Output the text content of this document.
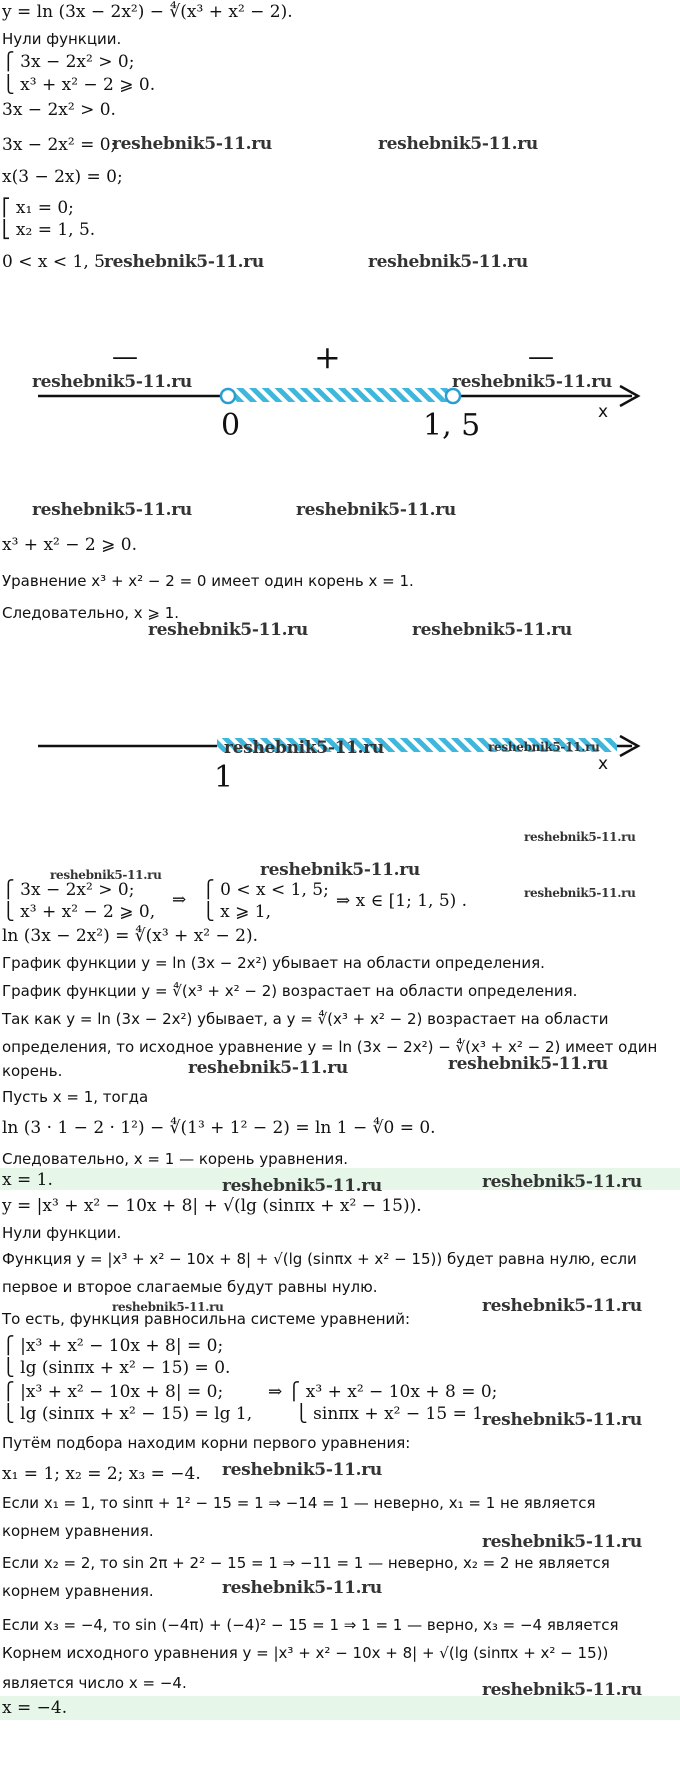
y = ln (3x − 2x²) − ∜(x³ + x² − 2).
Нули функции.
⎧ 3x − 2x² > 0;
⎩ x³ + x² − 2 ⩾ 0.
3x − 2x² > 0.
3x − 2x² = 0;
x(3 − 2x) = 0;
⎡ x₁ = 0;
⎣ x₂ = 1, 5.
0 < x < 1, 5.
—	+	—
0	1, 5	x
x³ + x² − 2 ⩾ 0.
Уравнение x³ + x² − 2 = 0 имеет один корень x = 1.
Следовательно, x ⩾ 1.
1	x
⎧ 3x − 2x² > 0;
⎩ x³ + x² − 2 ⩾ 0,
⇒ ⎧ 0 < x < 1, 5;
⎩ x ⩾ 1,
⇒ x ∈ [1; 1, 5) .
ln (3x − 2x²) = ∜(x³ + x² − 2).
График функции y = ln (3x − 2x²) убывает на области определения.
График функции y = ∜(x³ + x² − 2) возрастает на области определения.
Так как y = ln (3x − 2x²) убывает, а y = ∜(x³ + x² − 2) возрастает на области
определения, то исходное уравнение y = ln (3x − 2x²) − ∜(x³ + x² − 2) имеет один
корень.
Пусть x = 1, тогда
ln (3 · 1 − 2 · 1²) − ∜(1³ + 1² − 2) = ln 1 − ∜0 = 0.
Следовательно, x = 1 — корень уравнения.
x = 1.
y = |x³ + x² − 10x + 8| + √(lg (sinπx + x² − 15)).
Нули функции.
Функция y = |x³ + x² − 10x + 8| + √(lg (sinπx + x² − 15)) будет равна нулю, если
первое и второе слагаемые будут равны нулю.
То есть, функция равносильна системе уравнений:
⎧ |x³ + x² − 10x + 8| = 0;
⎩ lg (sinπx + x² − 15) = 0.
⎧ |x³ + x² − 10x + 8| = 0;
⎩ lg (sinπx + x² − 15) = lg 1,
⇒ ⎧ x³ + x² − 10x + 8 = 0;
⎩ sinπx + x² − 15 = 1.
Путём подбора находим корни первого уравнения:
x₁ = 1; x₂ = 2; x₃ = −4.
Если x₁ = 1, то sinπ + 1² − 15 = 1 ⇒ −14 = 1 — неверно, x₁ = 1 не является
корнем уравнения.
Если x₂ = 2, то sin 2π + 2² − 15 = 1 ⇒ −11 = 1 — неверно, x₂ = 2 не является
корнем уравнения.
Если x₃ = −4, то sin (−4π) + (−4)² − 15 = 1 ⇒ 1 = 1 — верно, x₃ = −4 является
Корнем исходного уравнения y = |x³ + x² − 10x + 8| + √(lg (sinπx + x² − 15))
является число x = −4.
x = −4.
reshebnik5-11.ru	reshebnik5-11.ru
reshebnik5-11.ru	reshebnik5-11.ru
reshebnik5-11.ru	reshebnik5-11.ru
reshebnik5-11.ru	reshebnik5-11.ru
reshebnik5-11.ru	reshebnik5-11.ru
reshebnik5-11.ru	reshebnik5-11.ru
reshebnik5-11.ru
reshebnik5-11.ru	reshebnik5-11.ru
reshebnik5-11.ru
reshebnik5-11.ru	reshebnik5-11.ru
reshebnik5-11.ru	reshebnik5-11.ru
reshebnik5-11.ru	reshebnik5-11.ru
reshebnik5-11.ru
reshebnik5-11.ru
reshebnik5-11.ru
reshebnik5-11.ru
reshebnik5-11.ru
